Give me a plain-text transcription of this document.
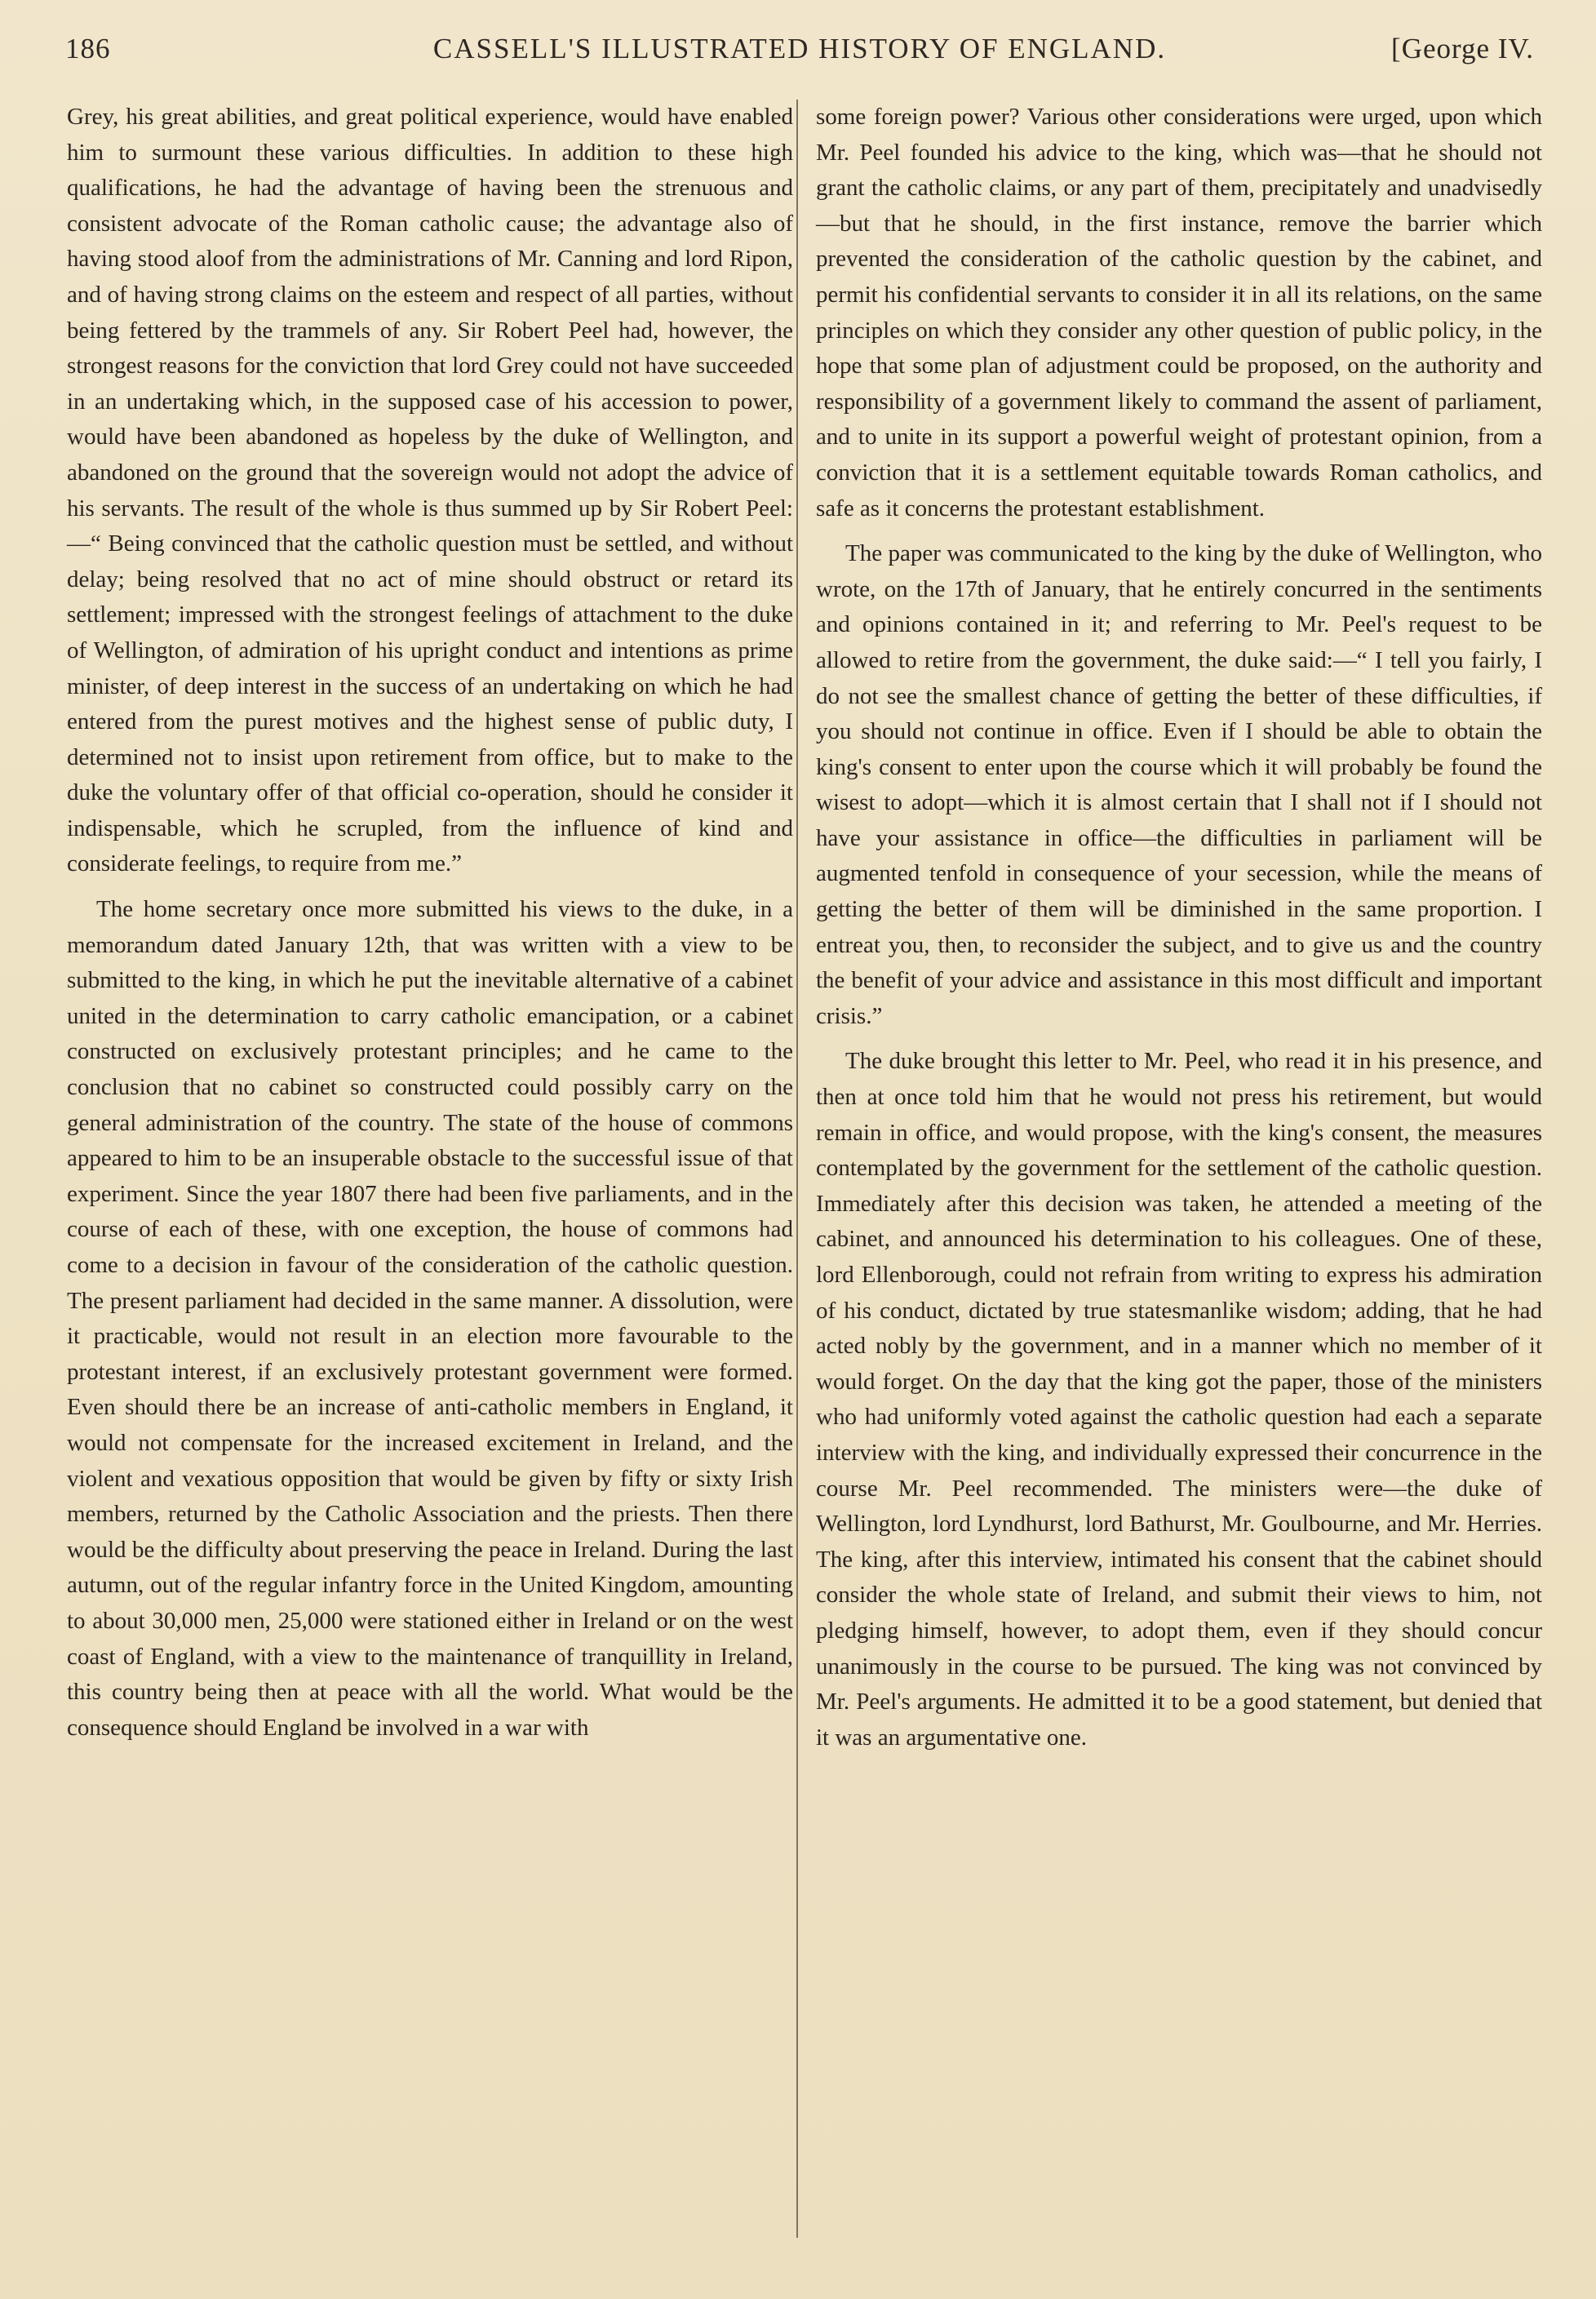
186	CASSELL'S ILLUSTRATED HISTORY OF ENGLAND.	[George IV.

Grey, his great abilities, and great political experience, would have enabled him to surmount these various difficulties. In addition to these high qualifications, he had the advantage of having been the strenuous and consistent advocate of the Roman catholic cause; the advantage also of having stood aloof from the administrations of Mr. Canning and lord Ripon, and of having strong claims on the esteem and respect of all parties, without being fettered by the trammels of any. Sir Robert Peel had, however, the strongest reasons for the conviction that lord Grey could not have succeeded in an undertaking which, in the supposed case of his accession to power, would have been abandoned as hopeless by the duke of Wellington, and abandoned on the ground that the sovereign would not adopt the advice of his servants. The result of the whole is thus summed up by Sir Robert Peel:—“ Being convinced that the catholic question must be settled, and without delay; being resolved that no act of mine should obstruct or retard its settlement; impressed with the strongest feelings of attachment to the duke of Wellington, of admiration of his upright conduct and intentions as prime minister, of deep interest in the success of an undertaking on which he had entered from the purest motives and the highest sense of public duty, I determined not to insist upon retirement from office, but to make to the duke the voluntary offer of that official co-operation, should he consider it indispensable, which he scrupled, from the influence of kind and considerate feelings, to require from me.”

The home secretary once more submitted his views to the duke, in a memorandum dated January 12th, that was written with a view to be submitted to the king, in which he put the inevitable alternative of a cabinet united in the determination to carry catholic emancipation, or a cabinet constructed on exclusively protestant principles; and he came to the conclusion that no cabinet so constructed could possibly carry on the general administration of the country. The state of the house of commons appeared to him to be an insuperable obstacle to the successful issue of that experiment. Since the year 1807 there had been five parliaments, and in the course of each of these, with one exception, the house of commons had come to a decision in favour of the consideration of the catholic question. The present parliament had decided in the same manner. A dissolution, were it practicable, would not result in an election more favourable to the protestant interest, if an exclusively protestant government were formed. Even should there be an increase of anti-catholic members in England, it would not compensate for the increased excitement in Ireland, and the violent and vexatious opposition that would be given by fifty or sixty Irish members, returned by the Catholic Association and the priests. Then there would be the difficulty about preserving the peace in Ireland. During the last autumn, out of the regular infantry force in the United Kingdom, amounting to about 30,000 men, 25,000 were stationed either in Ireland or on the west coast of England, with a view to the maintenance of tranquillity in Ireland, this country being then at peace with all the world. What would be the consequence should England be involved in a war with

some foreign power? Various other considerations were urged, upon which Mr. Peel founded his advice to the king, which was—that he should not grant the catholic claims, or any part of them, precipitately and unadvisedly—but that he should, in the first instance, remove the barrier which prevented the consideration of the catholic question by the cabinet, and permit his confidential servants to consider it in all its relations, on the same principles on which they consider any other question of public policy, in the hope that some plan of adjustment could be proposed, on the authority and responsibility of a government likely to command the assent of parliament, and to unite in its support a powerful weight of protestant opinion, from a conviction that it is a settlement equitable towards Roman catholics, and safe as it concerns the protestant establishment.

The paper was communicated to the king by the duke of Wellington, who wrote, on the 17th of January, that he entirely concurred in the sentiments and opinions contained in it; and referring to Mr. Peel's request to be allowed to retire from the government, the duke said:—“ I tell you fairly, I do not see the smallest chance of getting the better of these difficulties, if you should not continue in office. Even if I should be able to obtain the king's consent to enter upon the course which it will probably be found the wisest to adopt—which it is almost certain that I shall not if I should not have your assistance in office—the difficulties in parliament will be augmented tenfold in consequence of your secession, while the means of getting the better of them will be diminished in the same proportion. I entreat you, then, to reconsider the subject, and to give us and the country the benefit of your advice and assistance in this most difficult and important crisis.”

The duke brought this letter to Mr. Peel, who read it in his presence, and then at once told him that he would not press his retirement, but would remain in office, and would propose, with the king's consent, the measures contemplated by the government for the settlement of the catholic question. Immediately after this decision was taken, he attended a meeting of the cabinet, and announced his determination to his colleagues. One of these, lord Ellenborough, could not refrain from writing to express his admiration of his conduct, dictated by true statesmanlike wisdom; adding, that he had acted nobly by the government, and in a manner which no member of it would forget. On the day that the king got the paper, those of the ministers who had uniformly voted against the catholic question had each a separate interview with the king, and individually expressed their concurrence in the course Mr. Peel recommended. The ministers were—the duke of Wellington, lord Lyndhurst, lord Bathurst, Mr. Goulbourne, and Mr. Herries. The king, after this interview, intimated his consent that the cabinet should consider the whole state of Ireland, and submit their views to him, not pledging himself, however, to adopt them, even if they should concur unanimously in the course to be pursued. The king was not convinced by Mr. Peel's arguments. He admitted it to be a good statement, but denied that it was an argumentative one.
